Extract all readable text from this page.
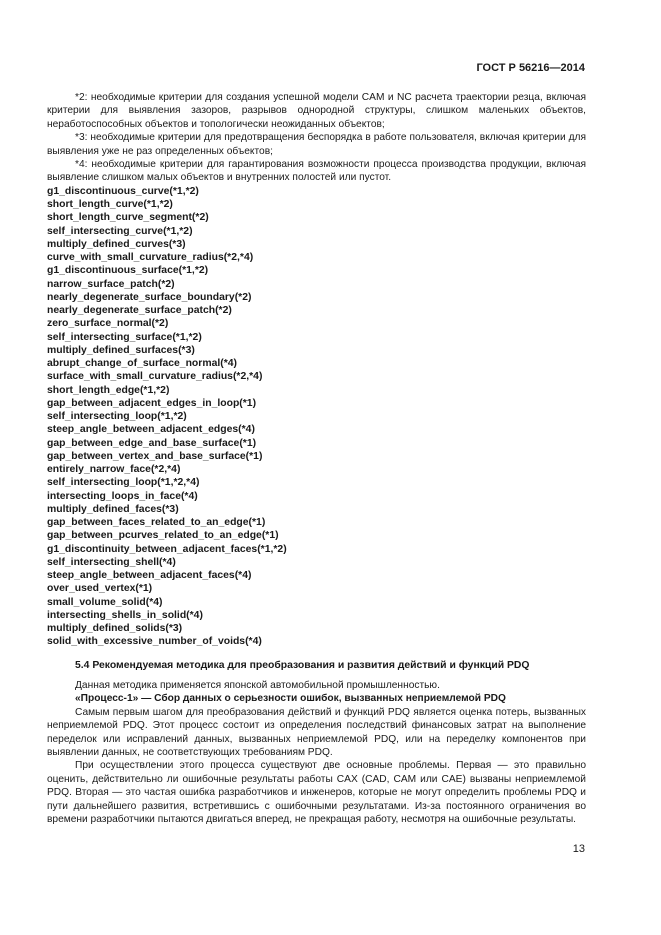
ГОСТ Р 56216—2014

*2: необходимые критерии для создания успешной модели CAM и NC расчета траектории резца, включая критерии для выявления зазоров, разрывов однородной структуры, слишком маленьких объектов, неработоспособных объектов и топологически неожиданных объектов;

*3: необходимые критерии для предотвращения беспорядка в работе пользователя, включая критерии для выявления уже не раз определенных объектов;

*4: необходимые критерии для гарантирования возможности процесса производства продукции, включая выявление слишком малых объектов и внутренних полостей или пустот.

g1_discontinuous_curve(*1,*2)
short_length_curve(*1,*2)
short_length_curve_segment(*2)
self_intersecting_curve(*1,*2)
multiply_defined_curves(*3)
curve_with_small_curvature_radius(*2,*4)
g1_discontinuous_surface(*1,*2)
narrow_surface_patch(*2)
nearly_degenerate_surface_boundary(*2)
nearly_degenerate_surface_patch(*2)
zero_surface_normal(*2)
self_intersecting_surface(*1,*2)
multiply_defined_surfaces(*3)
abrupt_change_of_surface_normal(*4)
surface_with_small_curvature_radius(*2,*4)
short_length_edge(*1,*2)
gap_between_adjacent_edges_in_loop(*1)
self_intersecting_loop(*1,*2)
steep_angle_between_adjacent_edges(*4)
gap_between_edge_and_base_surface(*1)
gap_between_vertex_and_base_surface(*1)
entirely_narrow_face(*2,*4)
self_intersecting_loop(*1,*2,*4)
intersecting_loops_in_face(*4)
multiply_defined_faces(*3)
gap_between_faces_related_to_an_edge(*1)
gap_between_pcurves_related_to_an_edge(*1)
g1_discontinuity_between_adjacent_faces(*1,*2)
self_intersecting_shell(*4)
steep_angle_between_adjacent_faces(*4)
over_used_vertex(*1)
small_volume_solid(*4)
intersecting_shells_in_solid(*4)
multiply_defined_solids(*3)
solid_with_excessive_number_of_voids(*4)
5.4 Рекомендуемая методика для преобразования и развития действий и функций PDQ

Данная методика применяется японской автомобильной промышленностью.

«Процесс-1» — Сбор данных о серьезности ошибок, вызванных неприемлемой PDQ

Самым первым шагом для преобразования действий и функций PDQ является оценка потерь, вызванных неприемлемой PDQ. Этот процесс состоит из определения последствий финансовых затрат на выполнение переделок или исправлений данных, вызванных неприемлемой PDQ, или на переделку компонентов при выявлении данных, не соответствующих требованиям PDQ.

При осуществлении этого процесса существуют две основные проблемы. Первая — это правильно оценить, действительно ли ошибочные результаты работы CAX (CAD, CAM или CAE) вызваны неприемлемой PDQ. Вторая — это частая ошибка разработчиков и инженеров, которые не могут определить проблемы PDQ и пути дальнейшего развития, встретившись с ошибочными результатами. Из-за постоянного ограничения во времени разработчики пытаются двигаться вперед, не прекращая работу, несмотря на ошибочные результаты.

13
